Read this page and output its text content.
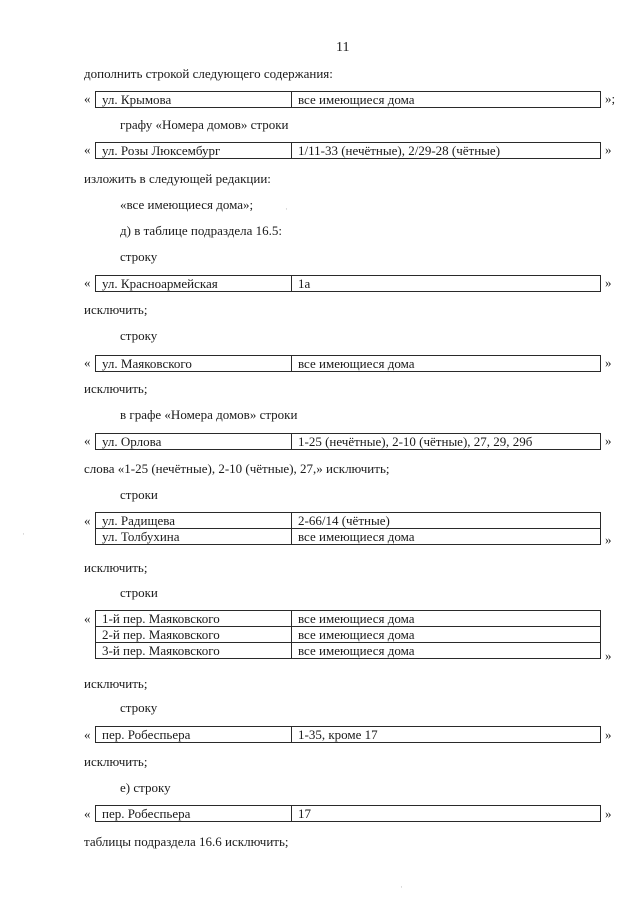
11
дополнить строкой следующего содержания:
« ул. Крымова	все имеющиеся дома	»;
графу «Номера домов» строки
« ул. Розы Люксембург	1/11-33 (нечётные), 2/29-28 (чётные)	»
изложить в следующей редакции:
«все имеющиеся дома»;
д) в таблице подраздела 16.5:
строку
« ул. Красноармейская	1а	»
исключить;
строку
« ул. Маяковского	все имеющиеся дома	»
исключить;
в графе «Номера домов» строки
« ул. Орлова	1-25 (нечётные), 2-10 (чётные), 27, 29, 29б	»
слова «1-25 (нечётные), 2-10 (чётные), 27,» исключить;
строки
« ул. Радищева	2-66/14 (чётные)
ул. Толбухина	все имеющиеся дома	»
исключить;
строки
« 1-й пер. Маяковского	все имеющиеся дома
2-й пер. Маяковского	все имеющиеся дома
3-й пер. Маяковского	все имеющиеся дома	»
исключить;
строку
« пер. Робеспьера	1-35, кроме 17	»
исключить;
е) строку
« пер. Робеспьера	17	»
таблицы подраздела 16.6 исключить;
·
·
·
